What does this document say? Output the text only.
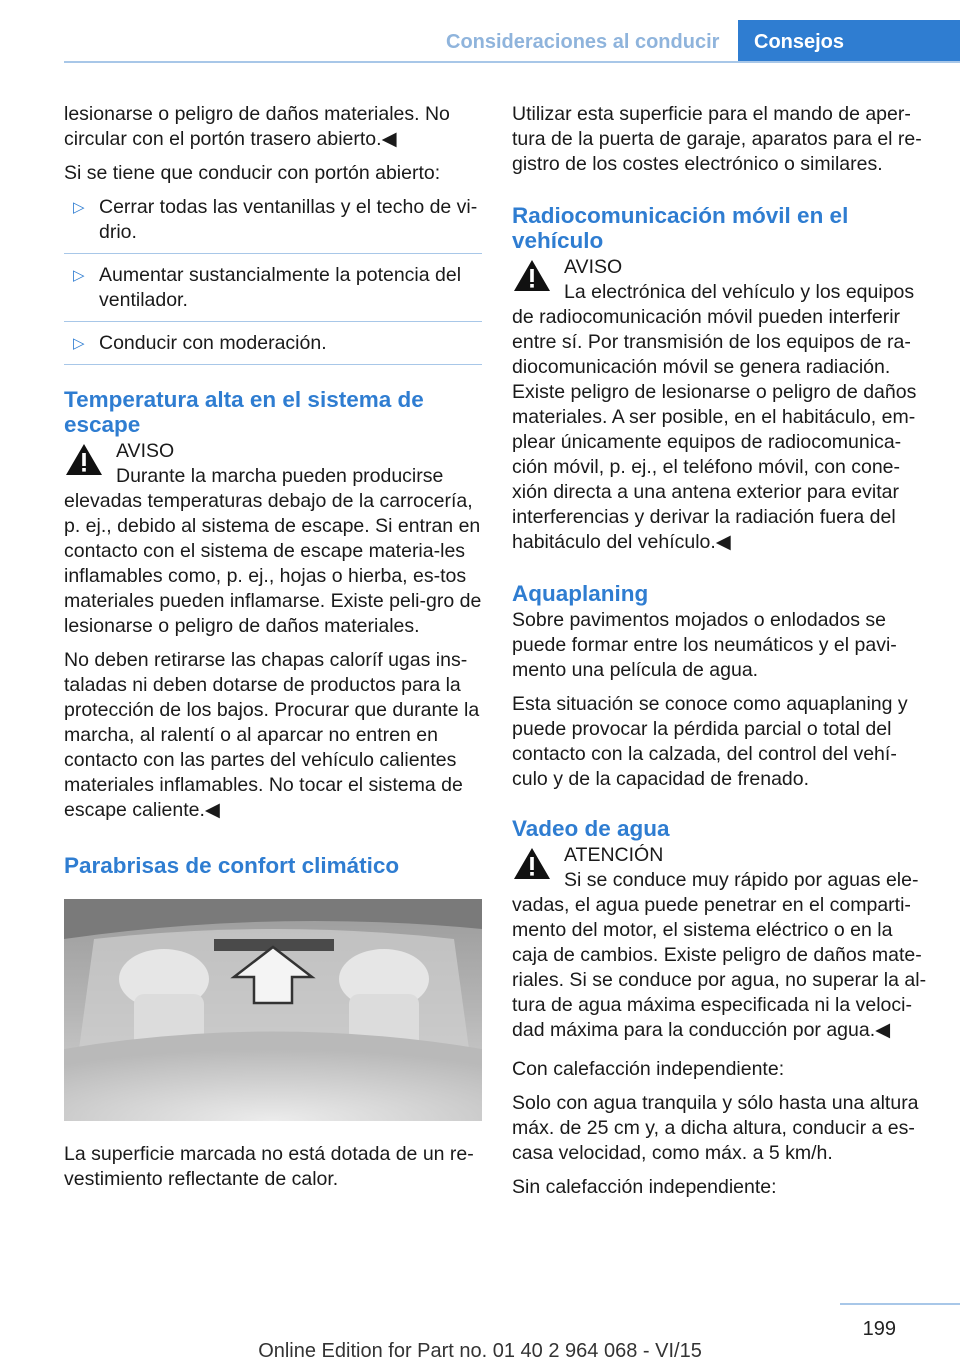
Consideraciones al conducir	Consejos

lesionarse o peligro de daños materiales. No circular con el portón trasero abierto.◀

Si se tiene que conducir con portón abierto:

▷ Cerrar todas las ventanillas y el techo de vi‐drio.
▷ Aumentar sustancialmente la potencia del ventilador.
▷ Conducir con moderación.
Temperatura alta en el sistema de escape
AVISO
Durante la marcha pueden producirse elevadas temperaturas debajo de la carrocería, p. ej., debido al sistema de escape. Si entran en contacto con el sistema de escape materia‐les inflamables como, p. ej., hojas o hierba, es‐tos materiales pueden inflamarse. Existe peli‐gro de lesionarse o peligro de daños materiales.

No deben retirarse las chapas caloríf ugas ins‐taladas ni deben dotarse de productos para la protección de los bajos. Procurar que durante la marcha, al ralentí o al aparcar no entren en contacto con las partes del vehículo calientes materiales inflamables. No tocar el sistema de escape caliente.◀

Parabrisas de confort climático

La superficie marcada no está dotada de un re‐vestimiento reflectante de calor.

Utilizar esta superficie para el mando de aper‐tura de la puerta de garaje, aparatos para el re‐gistro de los costes electrónico o similares.

Radiocomunicación móvil en el vehículo
AVISO
La electrónica del vehículo y los equipos de radiocomunicación móvil pueden interferir entre sí. Por transmisión de los equipos de ra‐diocomunicación móvil se genera radiación. Existe peligro de lesionarse o peligro de daños materiales. A ser posible, en el habitáculo, em‐plear únicamente equipos de radiocomunica‐ción móvil, p. ej., el teléfono móvil, con cone‐xión directa a una antena exterior para evitar interferencias y derivar la radiación fuera del habitáculo del vehículo.◀
Aquaplaning

Sobre pavimentos mojados o enlodados se puede formar entre los neumáticos y el pavi‐mento una película de agua.

Esta situación se conoce como aquaplaning y puede provocar la pérdida parcial o total del contacto con la calzada, del control del vehí‐culo y de la capacidad de frenado.

Vadeo de agua
ATENCIÓN
Si se conduce muy rápido por aguas ele‐vadas, el agua puede penetrar en el comparti‐mento del motor, el sistema eléctrico o en la caja de cambios. Existe peligro de daños mate‐riales. Si se conduce por agua, no superar la al‐tura de agua máxima especificada ni la veloci‐dad máxima para la conducción por agua.◀

Con calefacción independiente:

Solo con agua tranquila y sólo hasta una altura máx. de 25 cm y, a dicha altura, conducir a es‐casa velocidad, como máx. a 5 km/h.

Sin calefacción independiente:

199
Online Edition for Part no. 01 40 2 964 068 - VI/15
